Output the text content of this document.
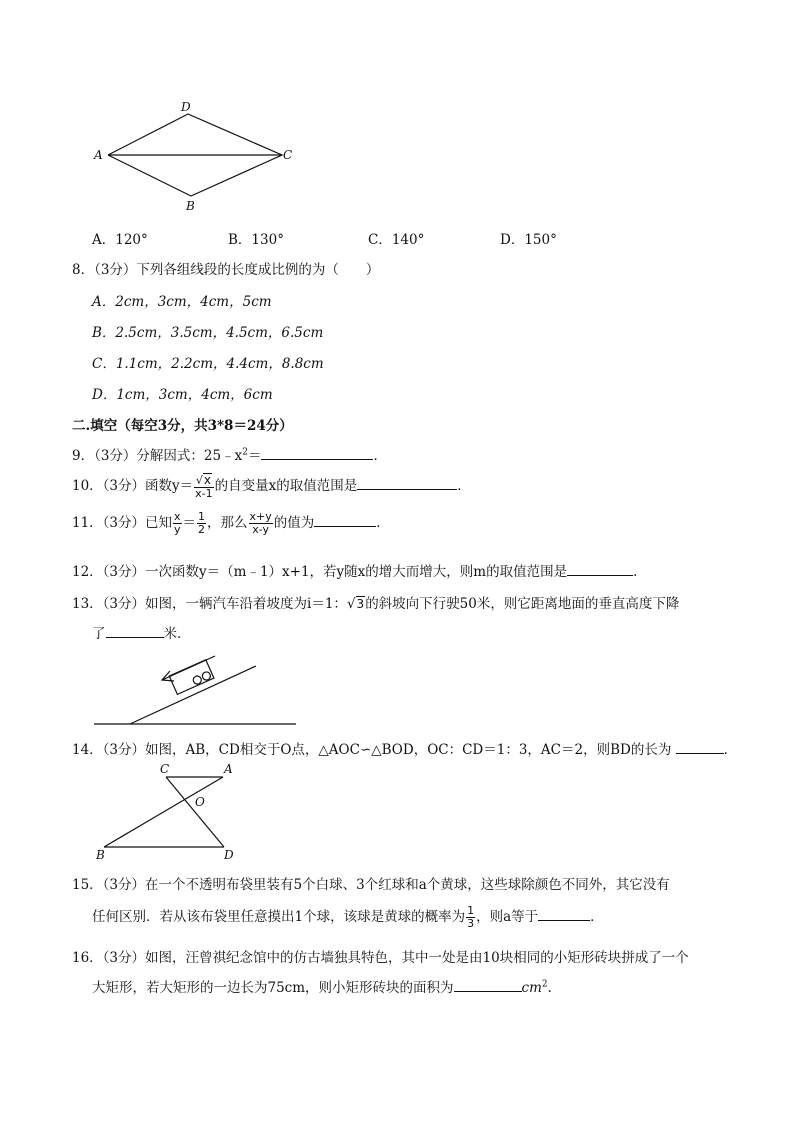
D
A	C
B
A．120°	B．130°	C．140°	D．150°
8．（3分）下列各组线段的长度成比例的为（　　）
A．2cm，3cm，4cm，5cm
B．2.5cm，3.5cm，4.5cm，6.5cm
C．1.1cm，2.2cm，4.4cm，8.8cm
D．1cm，3cm，4cm，6cm
二.填空（每空3分，共3*8＝24分）
9．（3分）分解因式：$25﹣x^2=$	．
10．（3分）函数$y= \frac{√x}{x-1}$ 的自变量x的取值范围是	．
11．（3分）已知 $\frac{x}{y} = \frac{1}{2}$ ，那么 $\frac{x+y}{x-y}$ 的值为	．
12．（3分）一次函数y＝（m﹣1）x+1，若y随x的增大而增大，则m的取值范围是	．
13．（3分）如图，一辆汽车沿着坡度为i＝1：√3的斜坡向下行驶50米，则它距离地面的垂直高度下降
了	米．
14．（3分）如图，AB，CD相交于O点，△AOC∽△BOD，OC：CD＝1：3，AC＝2，则BD的长为	．
C	A
O
B	D
15．（3分）在一个不透明布袋里装有5个白球、3个红球和a个黄球，这些球除颜色不同外，其它没有
任何区别．若从该布袋里任意摸出1个球，该球是黄球的概率为 $\frac{1}{3}$ ，则a等于	．
16．（3分）如图，汪曾祺纪念馆中的仿古墙独具特色，其中一处是由10块相同的小矩形砖块拼成了一个
大矩形，若大矩形的一边长为75cm，则小矩形砖块的面积为	$cm^2$．
